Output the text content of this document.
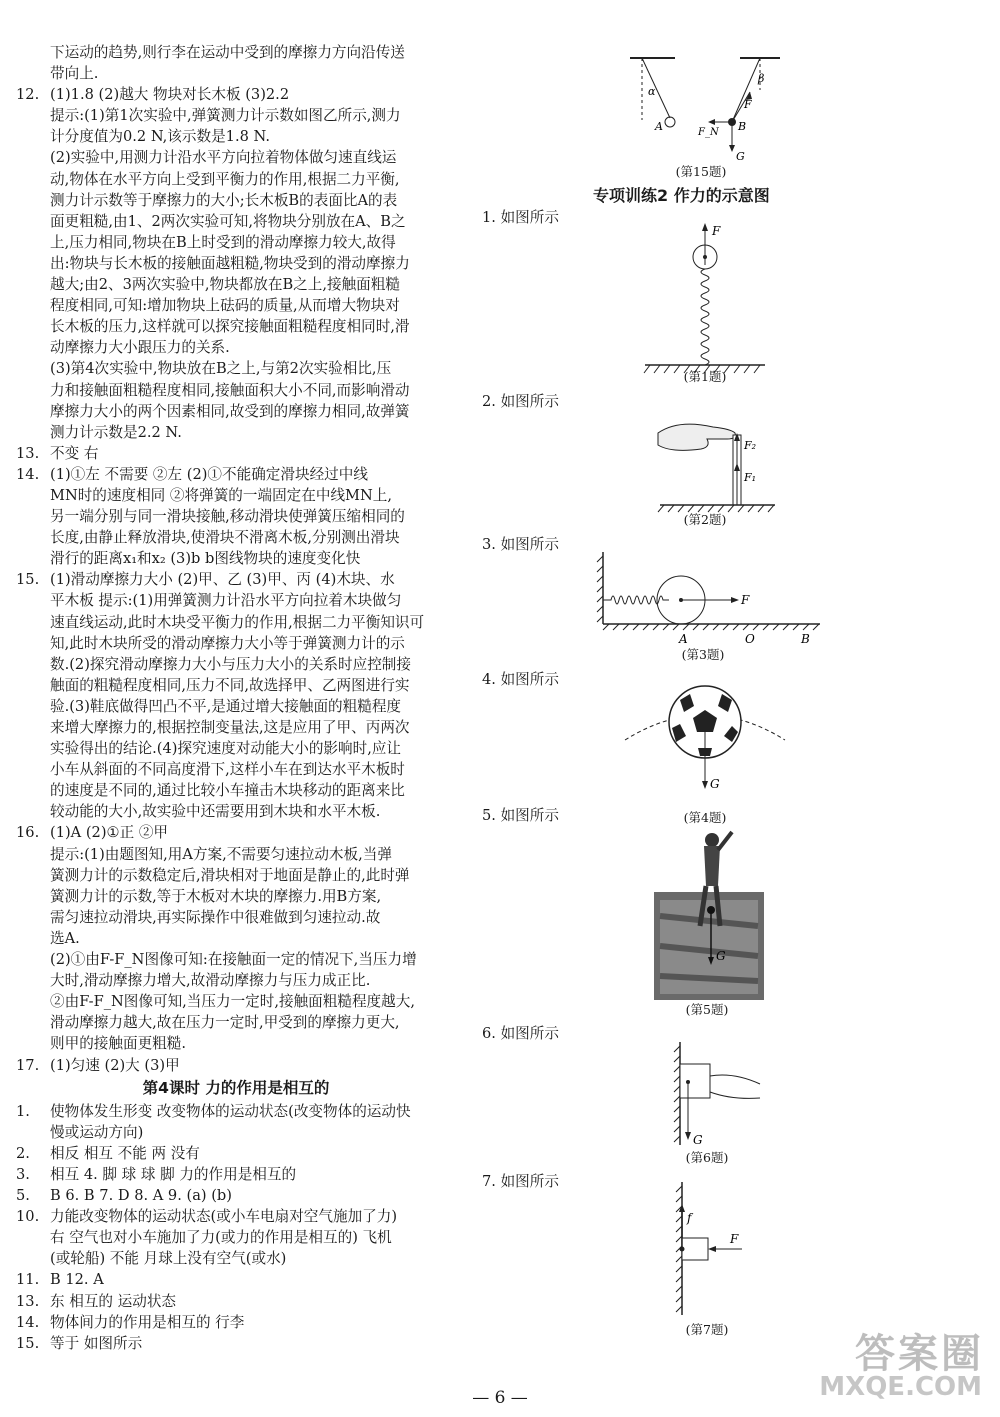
下运动的趋势,则行李在运动中受到的摩擦力方向沿传送
带向上.
12. (1)1.8 (2)越大 物块对长木板 (3)2.2
提示:(1)第1次实验中,弹簧测力计示数如图乙所示,测力
计分度值为0.2 N,该示数是1.8 N.
(2)实验中,用测力计沿水平方向拉着物体做匀速直线运
动,物体在水平方向上受到平衡力的作用,根据二力平衡,
测力计示数等于摩擦力的大小;长木板B的表面比A的表
面更粗糙,由1、2两次实验可知,将物块分别放在A、B之
上,压力相同,物块在B上时受到的滑动摩擦力较大,故得
出:物块与长木板的接触面越粗糙,物块受到的滑动摩擦力
越大;由2、3两次实验中,物块都放在B之上,接触面粗糙
程度相同,可知:增加物块上砝码的质量,从而增大物块对
长木板的压力,这样就可以探究接触面粗糙程度相同时,滑
动摩擦力大小跟压力的关系.
(3)第4次实验中,物块放在B之上,与第2次实验相比,压
力和接触面粗糙程度相同,接触面积大小不同,而影响滑动
摩擦力大小的两个因素相同,故受到的摩擦力相同,故弹簧
测力计示数是2.2 N.
13. 不变 右
14. (1)①左 不需要 ②左 (2)①不能确定滑块经过中线
MN时的速度相同 ②将弹簧的一端固定在中线MN上,
另一端分别与同一滑块接触,移动滑块使弹簧压缩相同的
长度,由静止释放滑块,使滑块不滑离木板,分别测出滑块
滑行的距离x₁和x₂ (3)b b图线物块的速度变化快
15. (1)滑动摩擦力大小 (2)甲、乙 (3)甲、丙 (4)木块、水
平木板 提示:(1)用弹簧测力计沿水平方向拉着木块做匀
速直线运动,此时木块受平衡力的作用,根据二力平衡知识可
知,此时木块所受的滑动摩擦力大小等于弹簧测力计的示
数.(2)探究滑动摩擦力大小与压力大小的关系时应控制接
触面的粗糙程度相同,压力不同,故选择甲、乙两图进行实
验.(3)鞋底做得凹凸不平,是通过增大接触面的粗糙程度
来增大摩擦力的,根据控制变量法,这是应用了甲、丙两次
实验得出的结论.(4)探究速度对动能大小的影响时,应让
小车从斜面的不同高度滑下,这样小车在到达水平木板时
的速度是不同的,通过比较小车撞击木块移动的距离来比
较动能的大小,故实验中还需要用到木块和水平木板.
16. (1)A (2)①正 ②甲
提示:(1)由题图知,用A方案,不需要匀速拉动木板,当弹
簧测力计的示数稳定后,滑块相对于地面是静止的,此时弹
簧测力计的示数,等于木板对木块的摩擦力.用B方案,
需匀速拉动滑块,再实际操作中很难做到匀速拉动.故
选A.
(2)①由F-F_N图像可知:在接触面一定的情况下,当压力增
大时,滑动摩擦力增大,故滑动摩擦力与压力成正比.
②由F-F_N图像可知,当压力一定时,接触面粗糙程度越大,
滑动摩擦力越大,故在压力一定时,甲受到的摩擦力更大,
则甲的接触面更粗糙.
17. (1)匀速 (2)大 (3)甲
第4课时 力的作用是相互的
1. 使物体发生形变 改变物体的运动状态(改变物体的运动快
慢或运动方向)
2. 相反 相互 不能 两 没有
3. 相互 4. 脚 球 球 脚 力的作用是相互的
5. B 6. B 7. D 8. A 9. (a) (b)
10. 力能改变物体的运动状态(或小车电扇对空气施加了力)
右 空气也对小车施加了力(或力的作用是相互的) 飞机
(或轮船) 不能 月球上没有空气(或水)
11. B 12. A
13. 东 相互的 运动状态
14. 物体间力的作用是相互的 行李
15. 等于 如图所示
专项训练2 作力的示意图
α
β
A	B
F
F_N
G
(第15题)
1. 如图所示
2. 如图所示
3. 如图所示
4. 如图所示
5. 如图所示
6. 如图所示
7. 如图所示
F
(第1题)
F₂
F₁
(第2题)
F
A	O	B
(第3题)
G
(第4题)
G
(第5题)
G
(第6题)
f
F
(第7题)
— 6 —
答案圈
MXQE.COM
